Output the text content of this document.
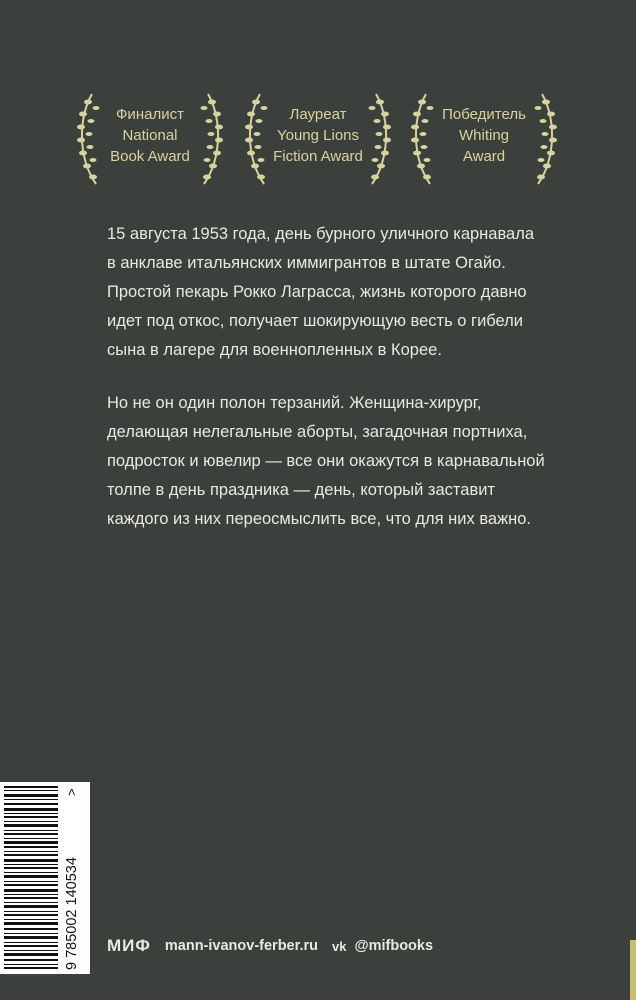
Финалист
National
Book Award
Лауреат
Young Lions
Fiction Award
Победитель
Whiting
Award

15 августа 1953 года, день бурного уличного карнавала в анклаве итальянских иммигрантов в штате Огайо. Простой пекарь Рокко Лаграсса, жизнь которого давно идет под откос, получает шокирующую весть о гибели сына в лагере для военнопленных в Корее.

Но не он один полон терзаний. Женщина-хирург, делающая нелегальные аборты, загадочная портниха, подросток и ювелир — все они окажутся в карнавальной толпе в день праздника — день, который заставит каждого из них переосмыслить все, что для них важно.

9 785002 140534
>
МИФ mann-ivanov-ferber.ru vk @mifbooks
